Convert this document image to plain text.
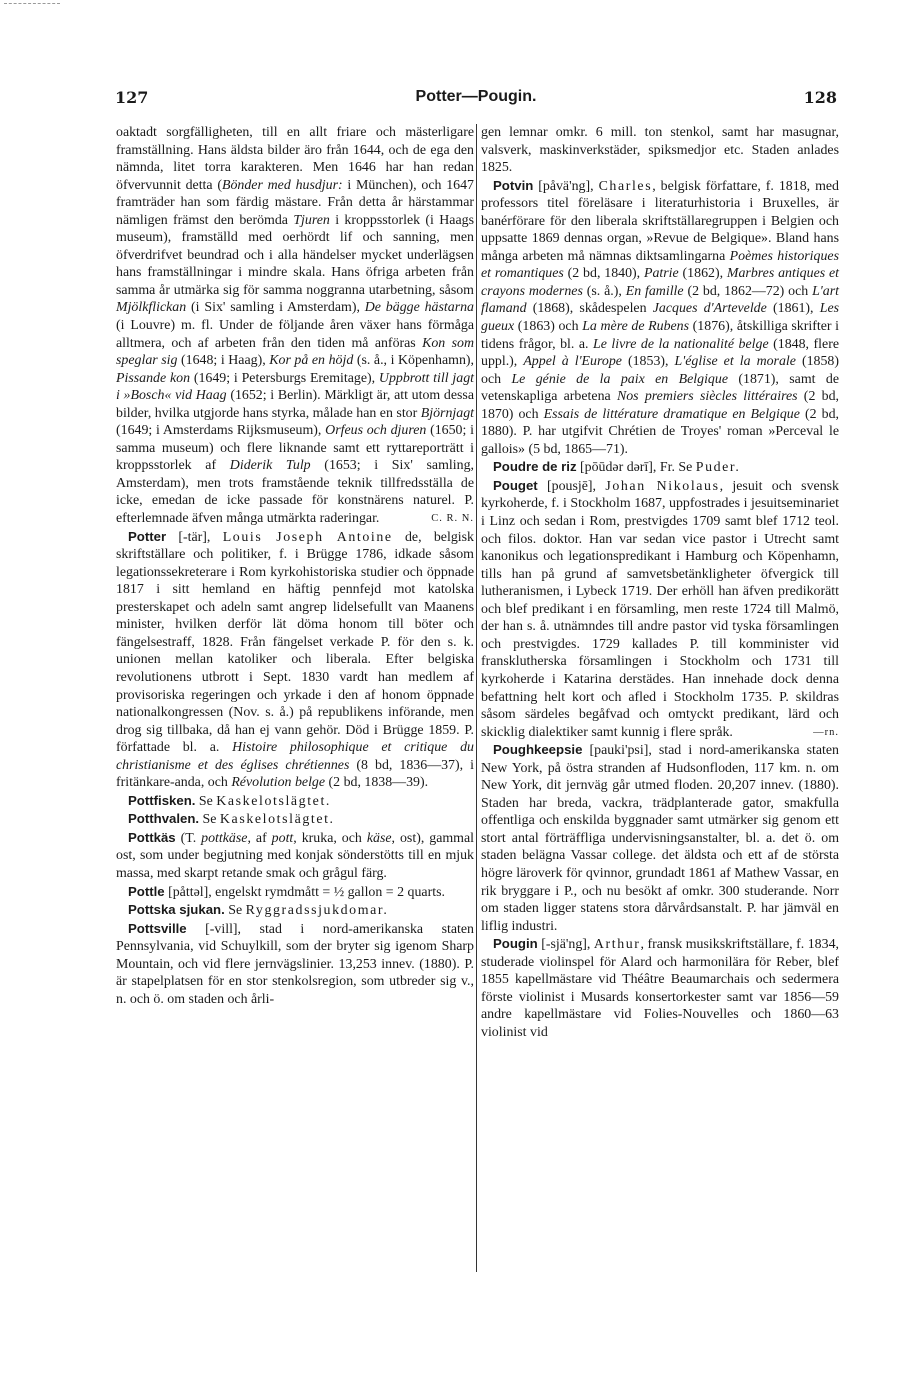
127	Potter—Pougin.	128

oaktadt sorgfälligheten, till en allt friare och mästerligare framställning. Hans äldsta bilder äro från 1644, och de ega den nämnda, litet torra karakteren. Men 1646 har han redan öfvervunnit detta (Bönder med husdjur: i München), och 1647 framträder han som färdig mästare. Från detta år härstammar nämligen främst den berömda Tjuren i kroppsstorlek (i Haags museum), framställd med oerhördt lif och sanning, men öfverdrifvet beundrad och i alla händelser mycket underlägsen hans framställningar i mindre skala. Hans öfriga arbeten från samma år utmärka sig för samma noggranna utarbetning, såsom Mjölkflickan (i Six' samling i Amsterdam), De bägge hästarna (i Louvre) m. fl. Under de följande åren växer hans förmåga alltmera, och af arbeten från den tiden må anföras Kon som speglar sig (1648; i Haag), Kor på en höjd (s. å., i Köpenhamn), Pissande kon (1649; i Petersburgs Eremitage), Uppbrott till jagt i »Bosch« vid Haag (1652; i Berlin). Märkligt är, att utom dessa bilder, hvilka utgjorde hans styrka, målade han en stor Björnjagt (1649; i Amsterdams Rijksmuseum), Orfeus och djuren (1650; i samma museum) och flere liknande samt ett ryttareporträtt i kroppsstorlek af Diderik Tulp (1653; i Six' samling, Amsterdam), men trots framstående teknik tillfredsställa de icke, emedan de icke passade för konstnärens naturel. P. efterlemnade äfven många utmärkta raderingar.	C. R. N.

Potter [-tär], Louis Joseph Antoine de, belgisk skriftställare och politiker, f. i Brügge 1786, idkade såsom legationssekreterare i Rom kyrkohistoriska studier och öppnade 1817 i sitt hemland en häftig pennfejd mot katolska presterskapet och adeln samt angrep lidelsefullt van Maanens minister, hvilken derför lät döma honom till böter och fängelsestraff, 1828. Från fängelset verkade P. för den s. k. unionen mellan katoliker och liberala. Efter belgiska revolutionens utbrott i Sept. 1830 vardt han medlem af provisoriska regeringen och yrkade i den af honom öppnade nationalkongressen (Nov. s. å.) på republikens införande, men drog sig tillbaka, då han ej vann gehör. Död i Brügge 1859. P. författade bl. a. Histoire philosophique et critique du christianisme et des églises chrétiennes (8 bd, 1836—37), i fritänkare-anda, och Révolution belge (2 bd, 1838—39).

Pottfisken. Se Kaskelotslägtet.

Potthvalen. Se Kaskelotslägtet.

Pottkäs (T. pottkäse, af pott, kruka, och käse, ost), gammal ost, som under begjutning med konjak sönderstötts till en mjuk massa, med skarpt retande smak och grågul färg.

Pottle [påttəl], engelskt rymdmått = ½ gallon = 2 quarts.

Pottska sjukan. Se Ryggradssjukdomar.

Pottsville [-vill], stad i nord-amerikanska staten Pennsylvania, vid Schuylkill, som der bryter sig igenom Sharp Mountain, och vid flere jernvägslinier. 13,253 innev. (1880). P. är stapelplatsen för en stor stenkolsregion, som utbreder sig v., n. och ö. om staden och årli-

gen lemnar omkr. 6 mill. ton stenkol, samt har masugnar, valsverk, maskinverkstäder, spiksmedjor etc. Staden anlades 1825.

Potvin [påvä'ng], Charles, belgisk författare, f. 1818, med professors titel föreläsare i literaturhistoria i Bruxelles, är banérförare för den liberala skriftställaregruppen i Belgien och uppsatte 1869 dennas organ, »Revue de Belgique». Bland hans många arbeten må nämnas diktsamlingarna Poèmes historiques et romantiques (2 bd, 1840), Patrie (1862), Marbres antiques et crayons modernes (s. å.), En famille (2 bd, 1862—72) och L'art flamand (1868), skådespelen Jacques d'Artevelde (1861), Les gueux (1863) och La mère de Rubens (1876), åtskilliga skrifter i tidens frågor, bl. a. Le livre de la nationalité belge (1848, flere uppl.), Appel à l'Europe (1853), L'église et la morale (1858) och Le génie de la paix en Belgique (1871), samt de vetenskapliga arbetena Nos premiers siècles littéraires (2 bd, 1870) och Essais de littérature dramatique en Belgique (2 bd, 1880). P. har utgifvit Chrétien de Troyes' roman »Perceval le gallois» (5 bd, 1865—71).

Poudre de riz [pōūdər dərī], Fr. Se Puder.

Pouget [pousjē], Johan Nikolaus, jesuit och svensk kyrkoherde, f. i Stockholm 1687, uppfostrades i jesuitseminariet i Linz och sedan i Rom, prestvigdes 1709 samt blef 1712 teol. och filos. doktor. Han var sedan vice pastor i Utrecht samt kanonikus och legationspredikant i Hamburg och Köpenhamn, tills han på grund af samvetsbetänkligheter öfvergick till lutheranismen, i Lybeck 1719. Der erhöll han äfven predikorätt och blef predikant i en församling, men reste 1724 till Malmö, der han s. å. utnämndes till andre pastor vid tyska församlingen och prestvigdes. 1729 kallades P. till komminister vid fransklutherska församlingen i Stockholm och 1731 till kyrkoherde i Katarina derstädes. Han innehade dock denna befattning helt kort och afled i Stockholm 1735. P. skildras såsom särdeles begåfvad och omtyckt predikant, lärd och skicklig dialektiker samt kunnig i flere språk.	—rn.

Poughkeepsie [pauki'psi], stad i nord-amerikanska staten New York, på östra stranden af Hudsonfloden, 117 km. n. om New York, dit jernväg går utmed floden. 20,207 innev. (1880). Staden har breda, vackra, trädplanterade gator, smakfulla offentliga och enskilda byggnader samt utmärker sig genom ett stort antal förträffliga undervisningsanstalter, bl. a. det ö. om staden belägna Vassar college. det äldsta och ett af de största högre läroverk för qvinnor, grundadt 1861 af Mathew Vassar, en rik bryggare i P., och nu besökt af omkr. 300 studerande. Norr om staden ligger statens stora dårvårdsanstalt. P. har jämväl en liflig industri.

Pougin [-sjä'ng], Arthur, fransk musikskriftställare, f. 1834, studerade violinspel för Alard och harmonilära för Reber, blef 1855 kapellmästare vid Théâtre Beaumarchais och sedermera förste violinist i Musards konsertorkester samt var 1856—59 andre kapellmästare vid Folies-Nouvelles och 1860—63 violinist vid
